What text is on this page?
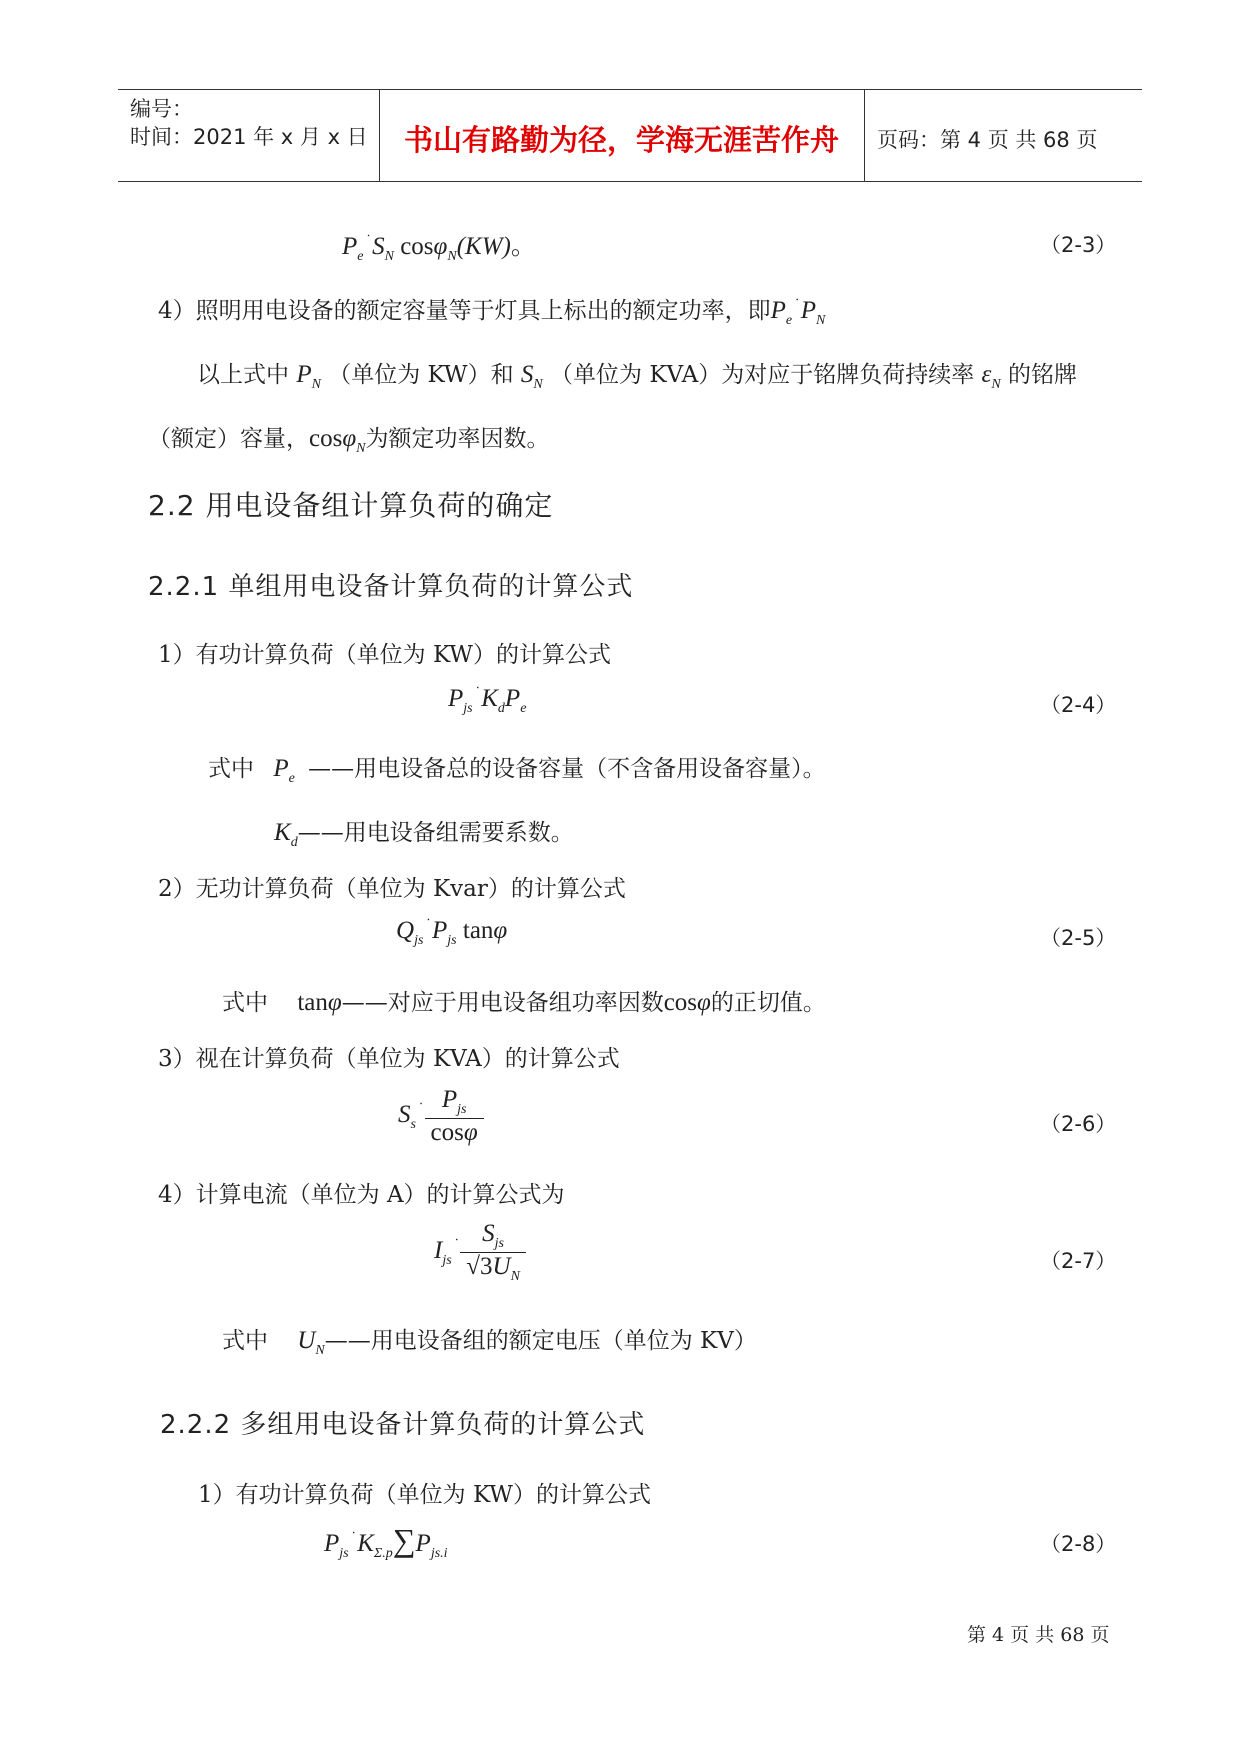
编号：
时间：2021 年 x 月 x 日 书山有路勤为径，学海无涯苦作舟 页码：第 4 页 共 68 页
$P_e^ᐝ$ $S_N$ cosφ$_N$(KW)。	（2-3）
4）照明用电设备的额定容量等于灯具上标出的额定功率，即$P_e^ᐝ$ $P_N$
以上式中 $P_N$ （单位为 KW）和 $S_N$ （单位为 KVA）为对应于铭牌负荷持续率 $\varepsilon_N$ 的铭牌
（额定）容量，cosφ$_N$为额定功率因数。
2.2 用电设备组计算负荷的确定
2.2.1 单组用电设备计算负荷的计算公式
1）有功计算负荷（单位为 KW）的计算公式
$P_{js}^ᐝ$ $K_dP_e$	（2-4）
式中 $P_e$ ——用电设备总的设备容量（不含备用设备容量）。
$K_d——$用电设备组需要系数。
2）无功计算负荷（单位为 Kvar）的计算公式
$Q_{js}^ᐝ$ $P_{js}$ tanφ	（2-5）
式中 tanφ——对应于用电设备组功率因数cosφ的正切值。
3）视在计算负荷（单位为 KVA）的计算公式
$S_s^ᐝ \frac{P_{js}}{\cos\varphi}$	（2-6）
4）计算电流（单位为 A）的计算公式为
$I_{js}^ᐝ \frac{S_{js}}{√3U_N}$	（2-7）
式中 $U_N——$用电设备组的额定电压（单位为 KV）
2.2.2 多组用电设备计算负荷的计算公式
1）有功计算负荷（单位为 KW）的计算公式
$P_{js}^ᐝ$ $K_{\Sigma.p}\sum P_{js.i}$	（2-8）
第 4 页 共 68 页
